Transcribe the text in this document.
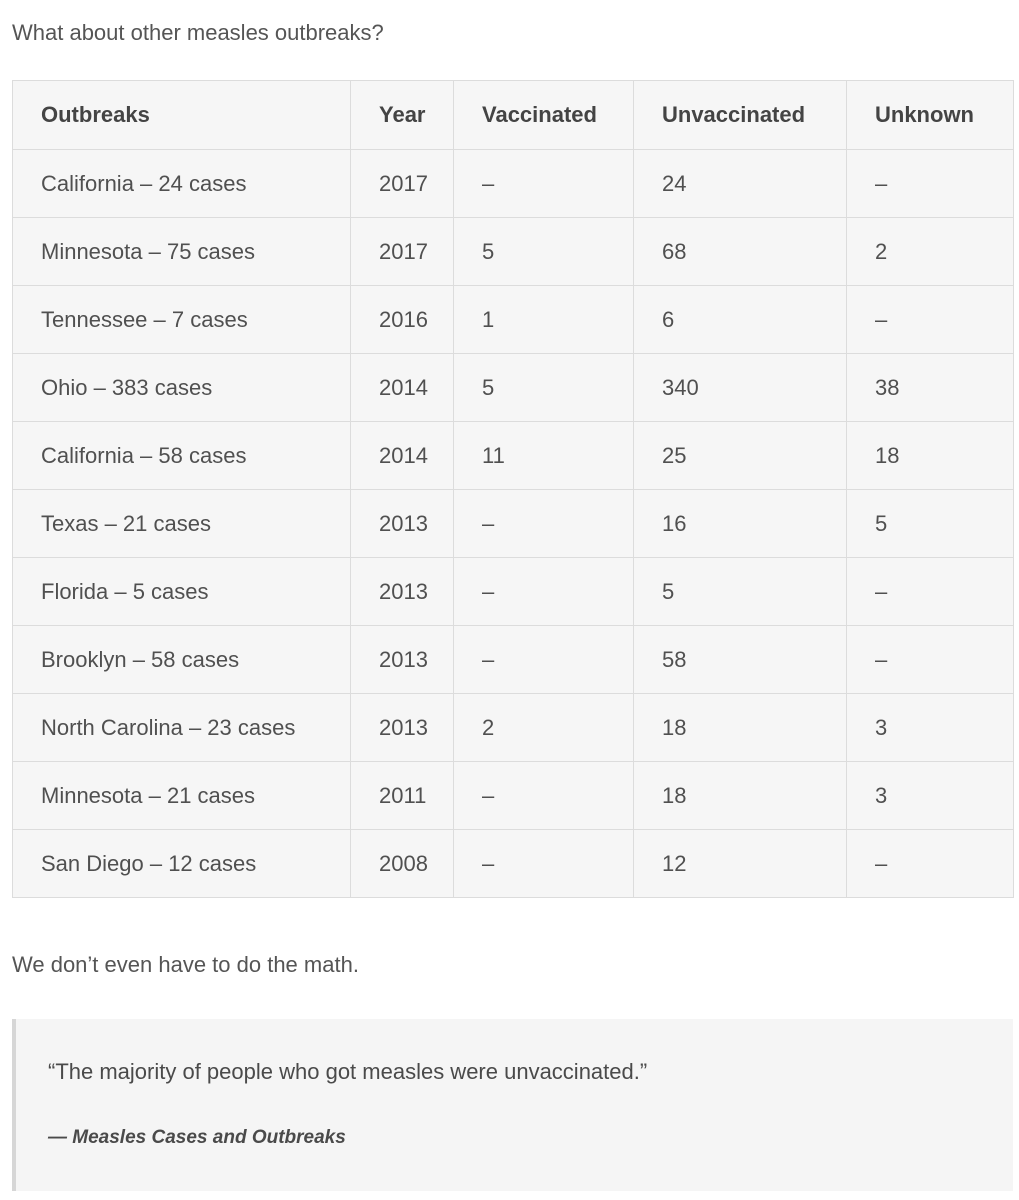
What about other measles outbreaks?

Outbreaks	Year	Vaccinated	Unvaccinated	Unknown
California – 24 cases	2017	–	24	–
Minnesota – 75 cases	2017	5	68	2
Tennessee – 7 cases	2016	1	6	–
Ohio – 383 cases	2014	5	340	38
California – 58 cases	2014	11	25	18
Texas – 21 cases	2013	–	16	5
Florida – 5 cases	2013	–	5	–
Brooklyn – 58 cases	2013	–	58	–
North Carolina – 23 cases	2013	2	18	3
Minnesota – 21 cases	2011	–	18	3
San Diego – 12 cases	2008	–	12	–

We don’t even have to do the math.

“The majority of people who got measles were unvaccinated.”

— Measles Cases and Outbreaks
